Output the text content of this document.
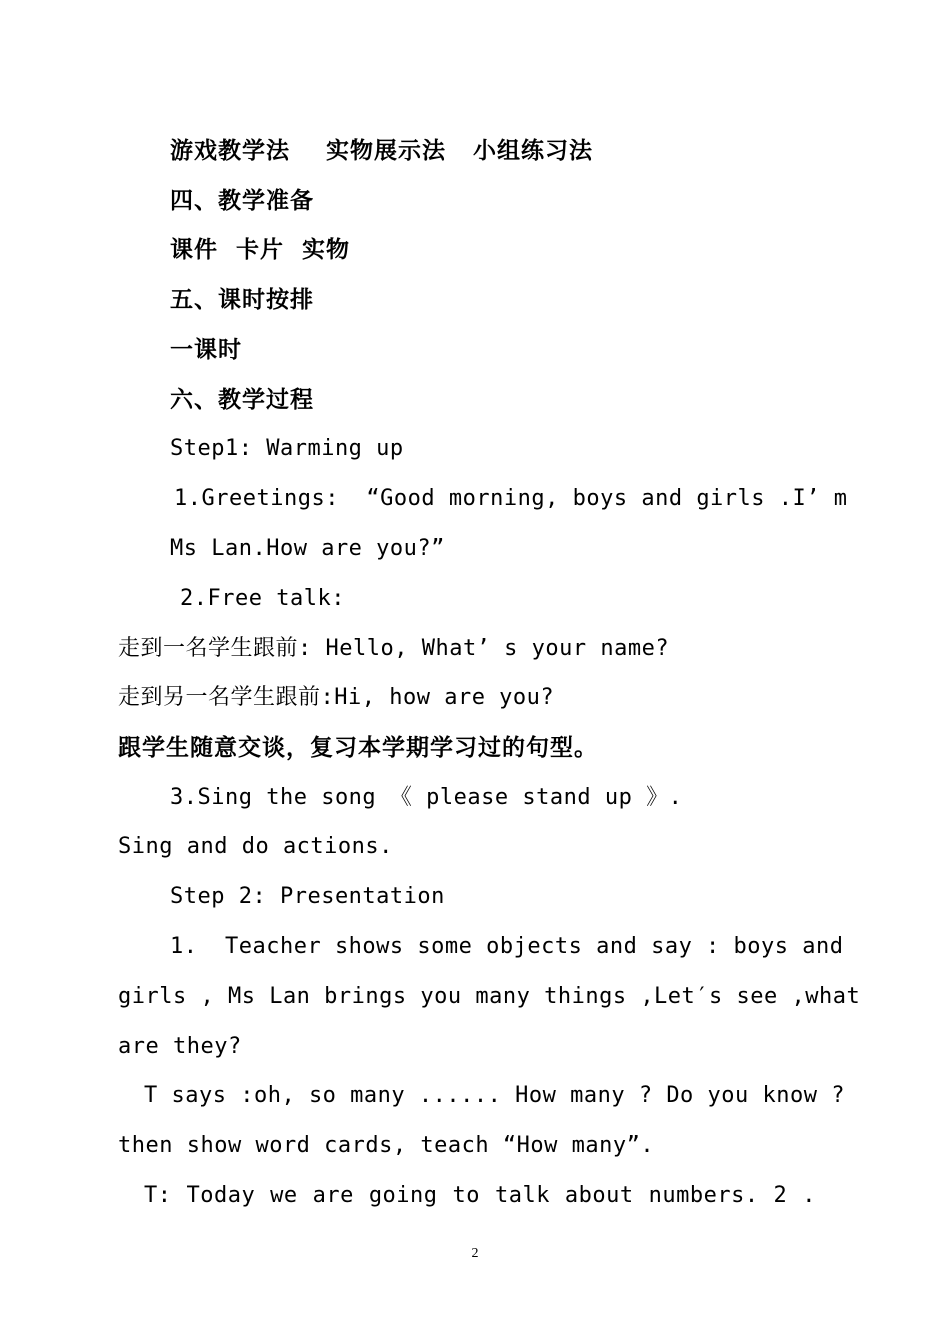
游戏教学法    实物展示法   小组练习法
四、教学准备
课件  卡片  实物
五、课时按排
一课时
六、教学过程
Step1: Warming up
1.Greetings:  “Good morning, boys and girls .I’ m
Ms Lan.How are you?”
2.Free talk:
走到一名学生跟前: Hello, What’ s your name?
走到另一名学生跟前:Hi, how are you?
跟学生随意交谈，复习本学期学习过的句型。
3.Sing the song 《 please stand up 》.
Sing and do actions.
Step 2: Presentation
1.  Teacher shows some objects and say : boys and
girls , Ms Lan brings you many things ,Let′s see ,what
are they?
T says :oh, so many ...... How many ? Do you know ?
then show word cards, teach “How many”.
T: Today we are going to talk about numbers. 2 .
2
